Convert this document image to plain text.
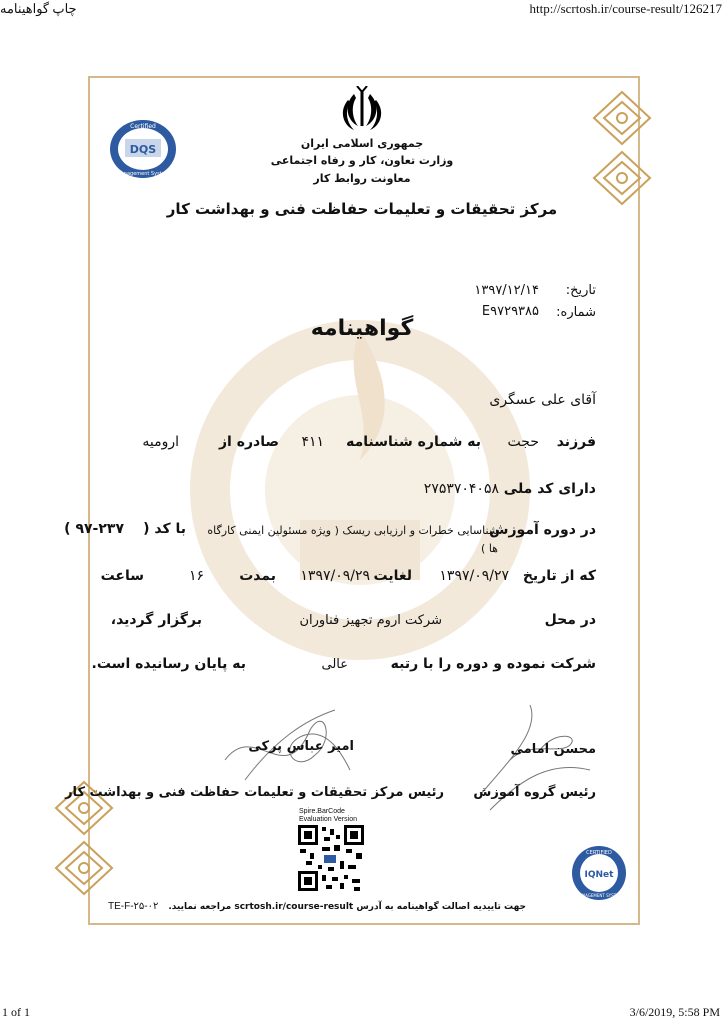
چاپ گواهینامه	http://scrtosh.ir/course-result/126217
1 of 1	3/6/2019, 5:58 PM
جمهوری اسلامی ایران
وزارت تعاون، کار و رفاه اجتماعی
معاونت روابط کار
مرکز تحقیقات و تعلیمات حفاظت فنی و بهداشت کار
DQS
Certified
Management System
تاریخ:
۱۳۹۷/۱۲/۱۴
شماره:
E۹۷۲۹۳۸۵
گواهینامه
آقای علی عسگری
فرزند
حجت
به شماره شناسنامه
۴۱۱
صادره از
ارومیه
دارای کد ملی
۲۷۵۳۷۰۴۰۵۸
در دوره آموزش
شناسایی خطرات و ارزیابی ریسک ( ویژه مسئولین ایمنی کارگاه
ها )
با کد (
۹۷-۲۳۷ )
که از تاریخ
۱۳۹۷/۰۹/۲۷
لغایت
۱۳۹۷/۰۹/۲۹
بمدت
۱۶
ساعت
در محل
شرکت اروم تجهیز فناوران
برگزار گردید،
شرکت نموده و دوره را با رتبه
عالی
به پایان رسانیده است.
امیر عباس پرکی
رئیس مرکز تحقیقات و تعلیمات حفاظت فنی و بهداشت کار
محسن امامی
رئیس گروه آموزش
Spire.BarCode
Evaluation Version
IQNet
CERTIFIED
MANAGEMENT SYSTEM
جهت تاییدیه اصالت گواهینامه به آدرس scrtosh.ir/course-result مراجعه نمایید.
TE-F-۲۵-۰۲
